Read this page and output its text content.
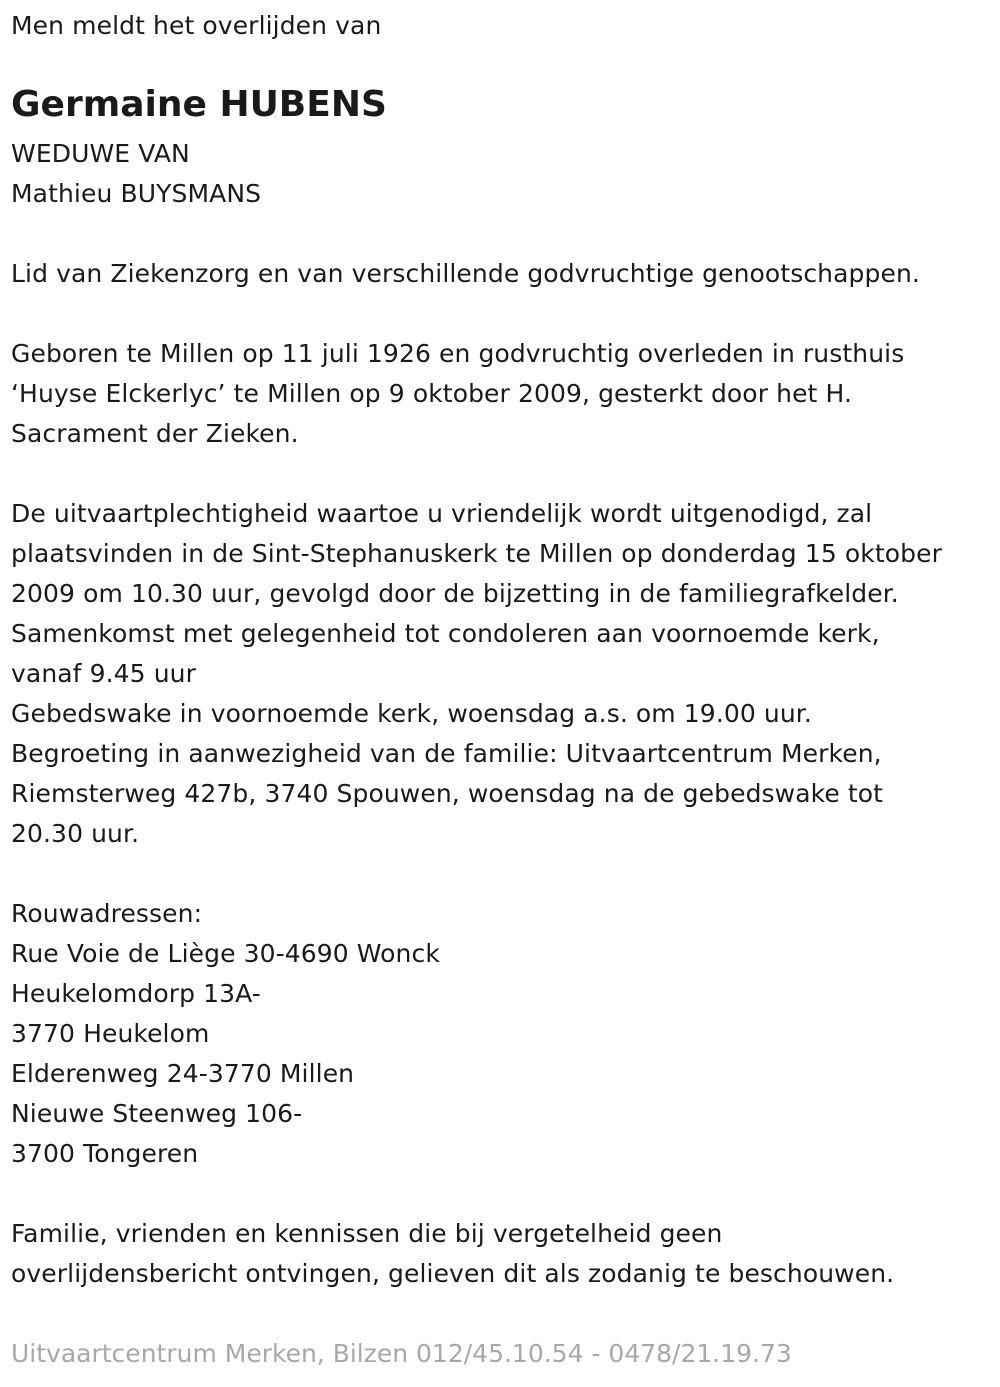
Men meldt het overlijden van
Germaine HUBENS
WEDUWE VAN
Mathieu BUYSMANS
Lid van Ziekenzorg en van verschillende godvruchtige genootschappen.
Geboren te Millen op 11 juli 1926 en godvruchtig overleden in rusthuis
‘Huyse Elckerlyc’ te Millen op 9 oktober 2009, gesterkt door het H.
Sacrament der Zieken.
De uitvaartplechtigheid waartoe u vriendelijk wordt uitgenodigd, zal
plaatsvinden in de Sint-Stephanuskerk te Millen op donderdag 15 oktober
2009 om 10.30 uur, gevolgd door de bijzetting in de familiegrafkelder.
Samenkomst met gelegenheid tot condoleren aan voornoemde kerk,
vanaf 9.45 uur
Gebedswake in voornoemde kerk, woensdag a.s. om 19.00 uur.
Begroeting in aanwezigheid van de familie: Uitvaartcentrum Merken,
Riemsterweg 427b, 3740 Spouwen, woensdag na de gebedswake tot
20.30 uur.
Rouwadressen:
Rue Voie de Liège 30-4690 Wonck
Heukelomdorp 13A-
3770 Heukelom
Elderenweg 24-3770 Millen
Nieuwe Steenweg 106-
3700 Tongeren
Familie, vrienden en kennissen die bij vergetelheid geen
overlijdensbericht ontvingen, gelieven dit als zodanig te beschouwen.
Uitvaartcentrum Merken, Bilzen 012/45.10.54 - 0478/21.19.73
